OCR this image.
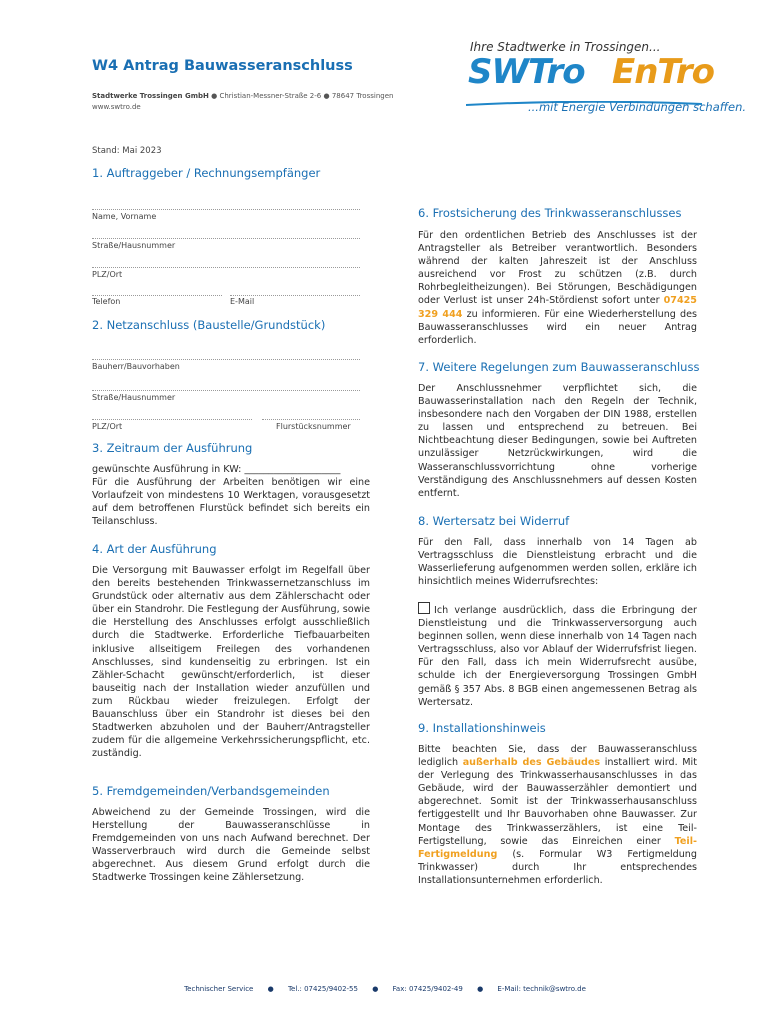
W4 Antrag Bauwasseranschluss
Stadtwerke Trossingen GmbH ● Christian-Messner-Straße 2-6 ● 78647 Trossingen
www.swtro.de
Stand: Mai 2023
Ihre Stadtwerke in Trossingen...
SWTro EnTro
...mit Energie Verbindungen schaffen.
1. Auftraggeber / Rechnungsempfänger
Name, Vorname
Straße/Hausnummer
PLZ/Ort
Telefon	E-Mail
2. Netzanschluss (Baustelle/Grundstück)
Bauherr/Bauvorhaben
Straße/Hausnummer
PLZ/Ort	Flurstücksnummer
3. Zeitraum der Ausführung
gewünschte Ausführung in KW: ____________________
Für die Ausführung der Arbeiten benötigen wir eine Vorlaufzeit von mindestens 10 Werktagen, vorausgesetzt auf dem betroffenen Flurstück befindet sich bereits ein Teilanschluss.
4. Art der Ausführung
Die Versorgung mit Bauwasser erfolgt im Regelfall über den bereits bestehenden Trinkwassernetzanschluss im Grundstück oder alternativ aus dem Zählerschacht oder über ein Standrohr. Die Festlegung der Ausführung, sowie die Herstellung des Anschlusses erfolgt ausschließlich durch die Stadtwerke. Erforderliche Tiefbauarbeiten inklusive allseitigem Freilegen des vorhandenen Anschlusses, sind kundenseitig zu erbringen. Ist ein Zähler-Schacht gewünscht/erforderlich, ist dieser bauseitig nach der Installation wieder anzufüllen und zum Rückbau wieder freizulegen. Erfolgt der Bauanschluss über ein Standrohr ist dieses bei den Stadtwerken abzuholen und der Bauherr/Antragsteller zudem für die allgemeine Verkehrssicherungspflicht, etc. zuständig.
5. Fremdgemeinden/Verbandsgemeinden
Abweichend zu der Gemeinde Trossingen, wird die Herstellung der Bauwasseranschlüsse in Fremdgemeinden von uns nach Aufwand berechnet. Der Wasserverbrauch wird durch die Gemeinde selbst abgerechnet. Aus diesem Grund erfolgt durch die Stadtwerke Trossingen keine Zählersetzung.
6. Frostsicherung des Trinkwasseranschlusses
Für den ordentlichen Betrieb des Anschlusses ist der Antragsteller als Betreiber verantwortlich. Besonders während der kalten Jahreszeit ist der Anschluss ausreichend vor Frost zu schützen (z.B. durch Rohrbegleitheizungen). Bei Störungen, Beschädigungen oder Verlust ist unser 24h-Stördienst sofort unter 07425 329 444 zu informieren. Für eine Wiederherstellung des Bauwasseranschlusses wird ein neuer Antrag erforderlich.
7. Weitere Regelungen zum Bauwasseranschluss
Der Anschlussnehmer verpflichtet sich, die Bauwasserinstallation nach den Regeln der Technik, insbesondere nach den Vorgaben der DIN 1988, erstellen zu lassen und entsprechend zu betreuen. Bei Nichtbeachtung dieser Bedingungen, sowie bei Auftreten unzulässiger Netzrückwirkungen, wird die Wasseranschlussvorrichtung ohne vorherige Verständigung des Anschlussnehmers auf dessen Kosten entfernt.
8. Wertersatz bei Widerruf
Für den Fall, dass innerhalb von 14 Tagen ab Vertragsschluss die Dienstleistung erbracht und die Wasserlieferung aufgenommen werden sollen, erkläre ich hinsichtlich meines Widerrufsrechtes:
Ich verlange ausdrücklich, dass die Erbringung der Dienstleistung und die Trinkwasserversorgung auch beginnen sollen, wenn diese innerhalb von 14 Tagen nach Vertragsschluss, also vor Ablauf der Widerrufsfrist liegen. Für den Fall, dass ich mein Widerrufsrecht ausübe, schulde ich der Energieversorgung Trossingen GmbH gemäß § 357 Abs. 8 BGB einen angemessenen Betrag als Wertersatz.
9. Installationshinweis
Bitte beachten Sie, dass der Bauwasseranschluss lediglich außerhalb des Gebäudes installiert wird. Mit der Verlegung des Trinkwasserhausanschlusses in das Gebäude, wird der Bauwasserzähler demontiert und abgerechnet. Somit ist der Trinkwasserhausanschluss fertiggestellt und Ihr Bauvorhaben ohne Bauwasser. Zur Montage des Trinkwasserzählers, ist eine Teil-Fertigstellung, sowie das Einreichen einer Teil-Fertigmeldung (s. Formular W3 Fertigmeldung Trinkwasser) durch Ihr entsprechendes Installationsunternehmen erforderlich.
Technischer Service ● Tel.: 07425/9402-55 ● Fax: 07425/9402-49 ● E-Mail: technik@swtro.de
